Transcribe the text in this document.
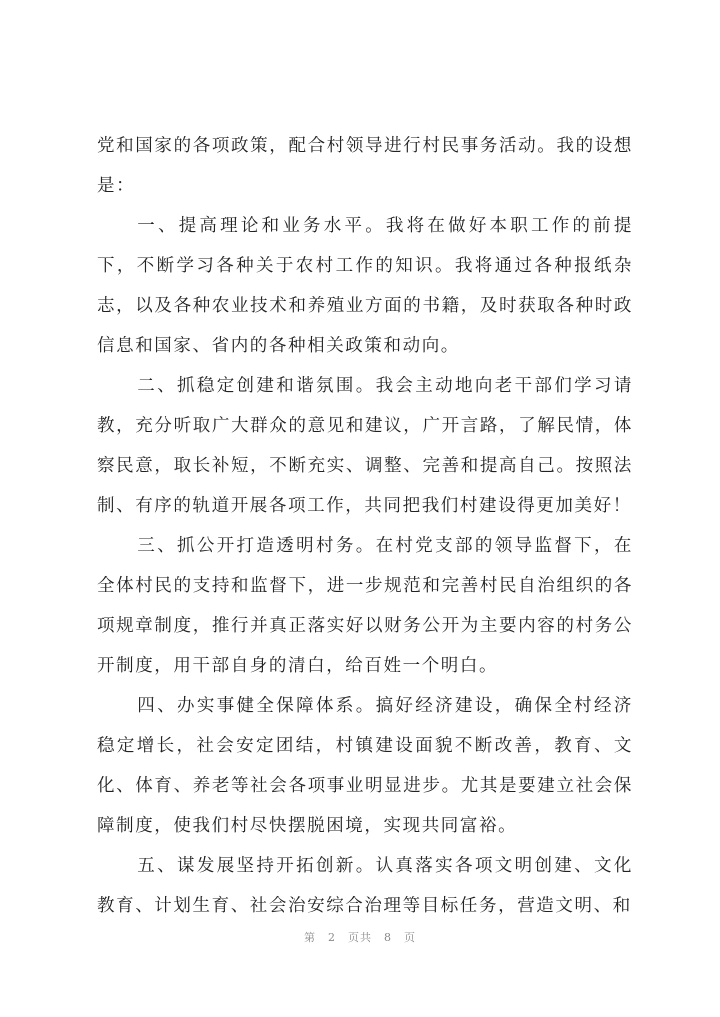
党和国家的各项政策，配合村领导进行村民事务活动。我的设想是：

一、提高理论和业务水平。我将在做好本职工作的前提下，不断学习各种关于农村工作的知识。我将通过各种报纸杂志，以及各种农业技术和养殖业方面的书籍，及时获取各种时政信息和国家、省内的各种相关政策和动向。

二、抓稳定创建和谐氛围。我会主动地向老干部们学习请教，充分听取广大群众的意见和建议，广开言路，了解民情，体察民意，取长补短，不断充实、调整、完善和提高自己。按照法制、有序的轨道开展各项工作，共同把我们村建设得更加美好！

三、抓公开打造透明村务。在村党支部的领导监督下，在全体村民的支持和监督下，进一步规范和完善村民自治组织的各项规章制度，推行并真正落实好以财务公开为主要内容的村务公开制度，用干部自身的清白，给百姓一个明白。

四、办实事健全保障体系。搞好经济建设，确保全村经济稳定增长，社会安定团结，村镇建设面貌不断改善，教育、文化、体育、养老等社会各项事业明显进步。尤其是要建立社会保障制度，使我们村尽快摆脱困境，实现共同富裕。

五、谋发展坚持开拓创新。认真落实各项文明创建、文化教育、计划生育、社会治安综合治理等目标任务，营造文明、和

第 2 页共 8 页
